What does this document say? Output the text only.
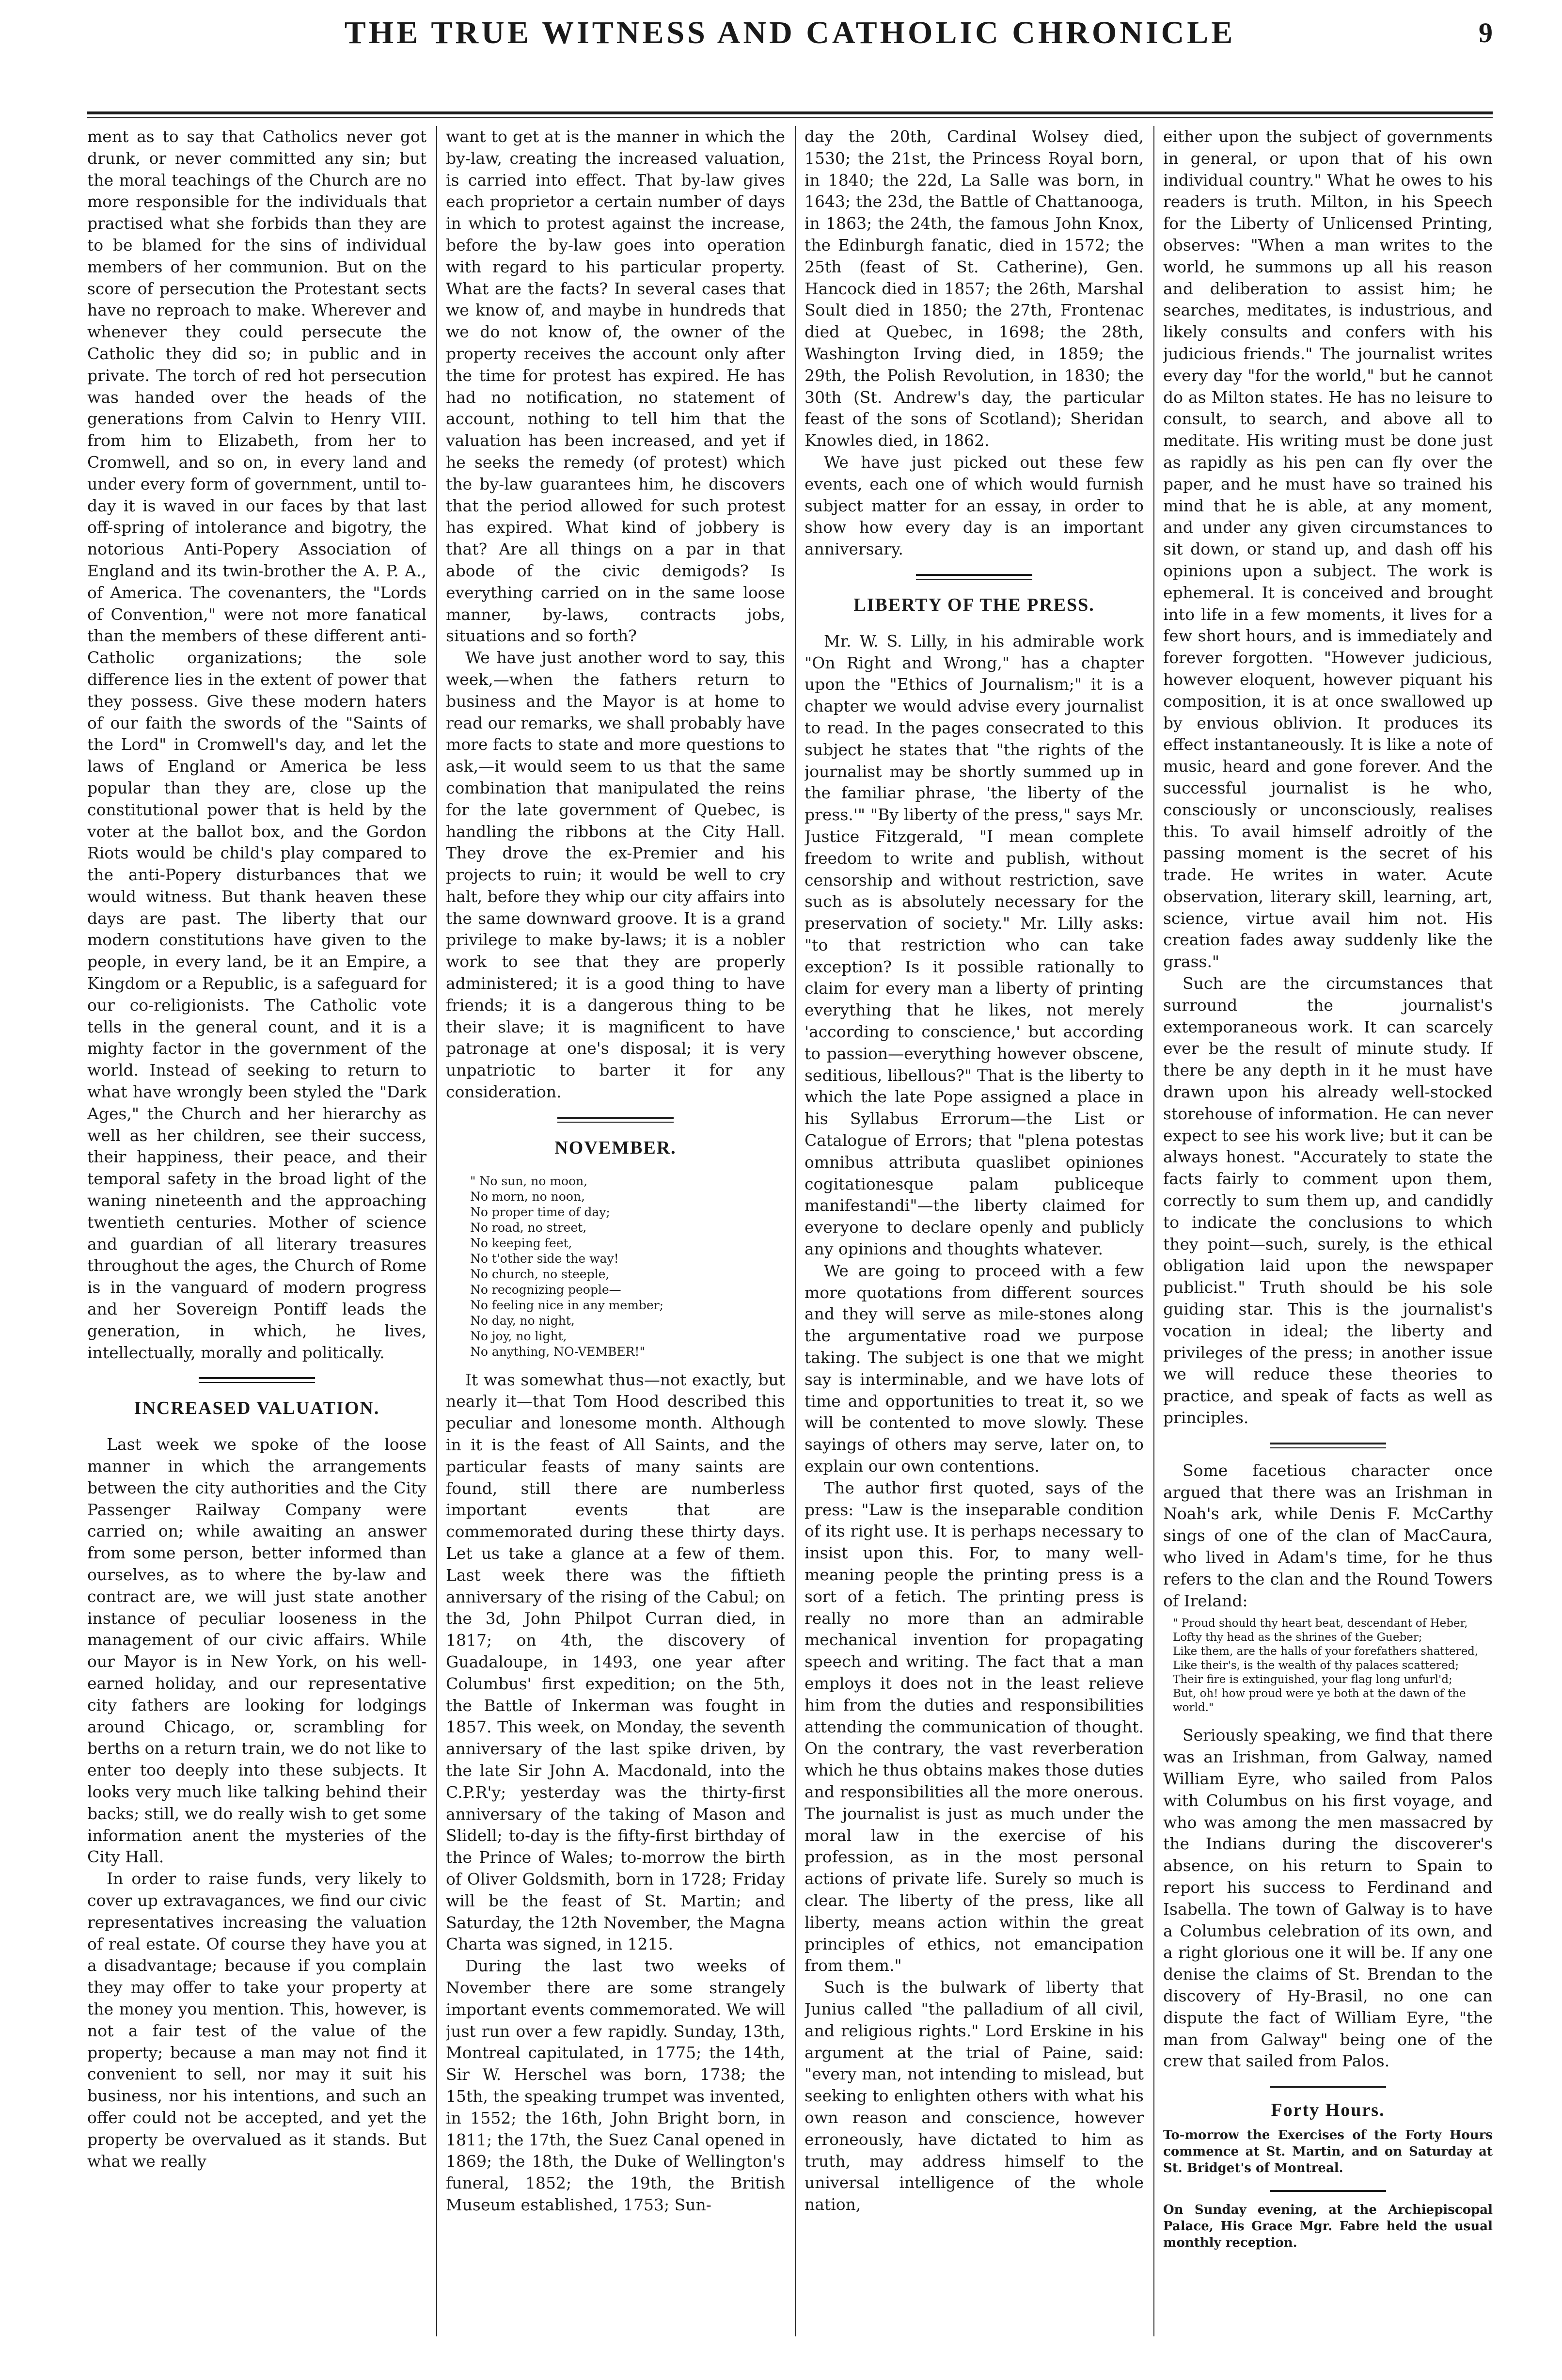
THE TRUE WITNESS AND CATHOLIC CHRONICLE	9

ment as to say that Catholics never got drunk, or never committed any sin; but the moral teachings of the Church are no more responsible for the individuals that practised what she forbids than they are to be blamed for the sins of individual members of her communion. But on the score of persecution the Protestant sects have no reproach to make. Wherever and whenever they could persecute the Catholic they did so; in public and in private. The torch of red hot persecution was handed over the heads of the generations from Calvin to Henry VIII. from him to Elizabeth, from her to Cromwell, and so on, in every land and under every form of government, until to-day it is waved in our faces by that last off-spring of intolerance and bigotry, the notorious Anti-Popery Association of England and its twin-brother the A. P. A., of America. The covenanters, the "Lords of Convention," were not more fanatical than the members of these different anti-Catholic organizations; the sole difference lies in the extent of power that they possess. Give these modern haters of our faith the swords of the "Saints of the Lord" in Cromwell's day, and let the laws of England or America be less popular than they are, close up the constitutional power that is held by the voter at the ballot box, and the Gordon Riots would be child's play compared to the anti-Popery disturbances that we would witness. But thank heaven these days are past. The liberty that our modern constitutions have given to the people, in every land, be it an Empire, a Kingdom or a Republic, is a safeguard for our co-religionists. The Catholic vote tells in the general count, and it is a mighty factor in the government of the world. Instead of seeking to return to what have wrongly been styled the "Dark Ages," the Church and her hierarchy as well as her children, see their success, their happiness, their peace, and their temporal safety in the broad light of the waning nineteenth and the approaching twentieth centuries. Mother of science and guardian of all literary treasures throughout the ages, the Church of Rome is in the vanguard of modern progress and her Sovereign Pontiff leads the generation, in which, he lives, intellectually, morally and politically.

INCREASED VALUATION.

Last week we spoke of the loose manner in which the arrangements between the city authorities and the City Passenger Railway Company were carried on; while awaiting an answer from some person, better informed than ourselves, as to where the by-law and contract are, we will just state another instance of peculiar looseness in the management of our civic affairs. While our Mayor is in New York, on his well-earned holiday, and our representative city fathers are looking for lodgings around Chicago, or, scrambling for berths on a return train, we do not like to enter too deeply into these subjects. It looks very much like talking behind their backs; still, we do really wish to get some information anent the mysteries of the City Hall.

In order to raise funds, very likely to cover up extravagances, we find our civic representatives increasing the valuation of real estate. Of course they have you at a disadvantage; because if you complain they may offer to take your property at the money you mention. This, however, is not a fair test of the value of the property; because a man may not find it convenient to sell, nor may it suit his business, nor his intentions, and such an offer could not be accepted, and yet the property be overvalued as it stands. But what we really

want to get at is the manner in which the by-law, creating the increased valuation, is carried into effect. That by-law gives each proprietor a certain number of days in which to protest against the increase, before the by-law goes into operation with regard to his particular property. What are the facts? In several cases that we know of, and maybe in hundreds that we do not know of, the owner of the property receives the account only after the time for protest has expired. He has had no notification, no statement of account, nothing to tell him that the valuation has been increased, and yet if he seeks the remedy (of protest) which the by-law guarantees him, he discovers that the period allowed for such protest has expired. What kind of jobbery is that? Are all things on a par in that abode of the civic demigods? Is everything carried on in the same loose manner, by-laws, contracts jobs, situations and so forth?

We have just another word to say, this week,—when the fathers return to business and the Mayor is at home to read our remarks, we shall probably have more facts to state and more questions to ask,—it would seem to us that the same combination that manipulated the reins for the late government of Quebec, is handling the ribbons at the City Hall. They drove the ex-Premier and his projects to ruin; it would be well to cry halt, before they whip our city affairs into the same downward groove. It is a grand privilege to make by-laws; it is a nobler work to see that they are properly administered; it is a good thing to have friends; it is a dangerous thing to be their slave; it is magnificent to have patronage at one's disposal; it is very unpatriotic to barter it for any consideration.

NOVEMBER.
" No sun, no moon,
No morn, no noon,
No proper time of day;
No road, no street,
No keeping feet,
No t'other side the way!
No church, no steeple,
No recognizing people—
No feeling nice in any member;
No day, no night,
No joy, no light,
No anything, NO-VEMBER!"

It was somewhat thus—not exactly, but nearly it—that Tom Hood described this peculiar and lonesome month. Although in it is the feast of All Saints, and the particular feasts of many saints are found, still there are numberless important events that are commemorated during these thirty days. Let us take a glance at a few of them. Last week there was the fiftieth anniversary of the rising of the Cabul; on the 3d, John Philpot Curran died, in 1817; on 4th, the discovery of Guadaloupe, in 1493, one year after Columbus' first expedition; on the 5th, the Battle of Inkerman was fought in 1857. This week, on Monday, the seventh anniversary of the last spike driven, by the late Sir John A. Macdonald, into the C.P.R'y; yesterday was the thirty-first anniversary of the taking of Mason and Slidell; to-day is the fifty-first birthday of the Prince of Wales; to-morrow the birth of Oliver Goldsmith, born in 1728; Friday will be the feast of St. Martin; and Saturday, the 12th November, the Magna Charta was signed, in 1215.

During the last two weeks of November there are some strangely important events commemorated. We will just run over a few rapidly. Sunday, 13th, Montreal capitulated, in 1775; the 14th, Sir W. Herschel was born, 1738; the 15th, the speaking trumpet was invented, in 1552; the 16th, John Bright born, in 1811; the 17th, the Suez Canal opened in 1869; the 18th, the Duke of Wellington's funeral, 1852; the 19th, the British Museum established, 1753; Sun-

day the 20th, Cardinal Wolsey died, 1530; the 21st, the Princess Royal born, in 1840; the 22d, La Salle was born, in 1643; the 23d, the Battle of Chattanooga, in 1863; the 24th, the famous John Knox, the Edinburgh fanatic, died in 1572; the 25th (feast of St. Catherine), Gen. Hancock died in 1857; the 26th, Marshal Soult died in 1850; the 27th, Frontenac died at Quebec, in 1698; the 28th, Washington Irving died, in 1859; the 29th, the Polish Revolution, in 1830; the 30th (St. Andrew's day, the particular feast of the sons of Scotland); Sheridan Knowles died, in 1862.

We have just picked out these few events, each one of which would furnish subject matter for an essay, in order to show how every day is an important anniversary.

LIBERTY OF THE PRESS.

Mr. W. S. Lilly, in his admirable work "On Right and Wrong," has a chapter upon the "Ethics of Journalism;" it is a chapter we would advise every journalist to read. In the pages consecrated to this subject he states that "the rights of the journalist may be shortly summed up in the familiar phrase, 'the liberty of the press.'" "By liberty of the press," says Mr. Justice Fitzgerald, "I mean complete freedom to write and publish, without censorship and without restriction, save such as is absolutely necessary for the preservation of society." Mr. Lilly asks: "to that restriction who can take exception? Is it possible rationally to claim for every man a liberty of printing everything that he likes, not merely 'according to conscience,' but according to passion—everything however obscene, seditious, libellous?" That is the liberty to which the late Pope assigned a place in his Syllabus Errorum—the List or Catalogue of Errors; that "plena potestas omnibus attributa quaslibet opiniones cogitationesque palam publiceque manifestandi"—the liberty claimed for everyone to declare openly and publicly any opinions and thoughts whatever.

We are going to proceed with a few more quotations from different sources and they will serve as mile-stones along the argumentative road we purpose taking. The subject is one that we might say is interminable, and we have lots of time and opportunities to treat it, so we will be contented to move slowly. These sayings of others may serve, later on, to explain our own contentions.

The author first quoted, says of the press: "Law is the inseparable condition of its right use. It is perhaps necessary to insist upon this. For, to many well-meaning people the printing press is a sort of a fetich. The printing press is really no more than an admirable mechanical invention for propagating speech and writing. The fact that a man employs it does not in the least relieve him from the duties and responsibilities attending the communication of thought. On the contrary, the vast reverberation which he thus obtains makes those duties and responsibilities all the more onerous. The journalist is just as much under the moral law in the exercise of his profession, as in the most personal actions of private life. Surely so much is clear. The liberty of the press, like all liberty, means action within the great principles of ethics, not emancipation from them."

Such is the bulwark of liberty that Junius called "the palladium of all civil, and religious rights." Lord Erskine in his argument at the trial of Paine, said: "every man, not intending to mislead, but seeking to enlighten others with what his own reason and conscience, however erroneously, have dictated to him as truth, may address himself to the universal intelligence of the whole nation,

either upon the subject of governments in general, or upon that of his own individual country." What he owes to his readers is truth. Milton, in his Speech for the Liberty of Unlicensed Printing, observes: "When a man writes to the world, he summons up all his reason and deliberation to assist him; he searches, meditates, is industrious, and likely consults and confers with his judicious friends." The journalist writes every day "for the world," but he cannot do as Milton states. He has no leisure to consult, to search, and above all to meditate. His writing must be done just as rapidly as his pen can fly over the paper, and he must have so trained his mind that he is able, at any moment, and under any given circumstances to sit down, or stand up, and dash off his opinions upon a subject. The work is ephemeral. It is conceived and brought into life in a few moments, it lives for a few short hours, and is immediately and forever forgotten. "However judicious, however eloquent, however piquant his composition, it is at once swallowed up by envious oblivion. It produces its effect instantaneously. It is like a note of music, heard and gone forever. And the successful journalist is he who, consciously or unconsciously, realises this. To avail himself adroitly of the passing moment is the secret of his trade. He writes in water. Acute observation, literary skill, learning, art, science, virtue avail him not. His creation fades away suddenly like the grass."

Such are the circumstances that surround the journalist's extemporaneous work. It can scarcely ever be the result of minute study. If there be any depth in it he must have drawn upon his already well-stocked storehouse of information. He can never expect to see his work live; but it can be always honest. "Accurately to state the facts fairly to comment upon them, correctly to sum them up, and candidly to indicate the conclusions to which they point—such, surely, is the ethical obligation laid upon the newspaper publicist." Truth should be his sole guiding star. This is the journalist's vocation in ideal; the liberty and privileges of the press; in another issue we will reduce these theories to practice, and speak of facts as well as principles.

Some facetious character once argued that there was an Irishman in Noah's ark, while Denis F. McCarthy sings of one of the clan of MacCaura, who lived in Adam's time, for he thus refers to the clan and the Round Towers of Ireland:

" Proud should thy heart beat, descendant of Heber,
Lofty thy head as the shrines of the Gueber;
Like them, are the halls of your forefathers shattered,
Like their's, is the wealth of thy palaces scattered;
Their fire is extinguished, your flag long unfurl'd;
But, oh! how proud were ye both at the dawn of the world."

Seriously speaking, we find that there was an Irishman, from Galway, named William Eyre, who sailed from Palos with Columbus on his first voyage, and who was among the men massacred by the Indians during the discoverer's absence, on his return to Spain to report his success to Ferdinand and Isabella. The town of Galway is to have a Columbus celebration of its own, and a right glorious one it will be. If any one denise the claims of St. Brendan to the discovery of Hy-Brasil, no one can dispute the fact of William Eyre, "the man from Galway" being one of the crew that sailed from Palos.

Forty Hours.

To-morrow the Exercises of the Forty Hours commence at St. Martin, and on Saturday at St. Bridget's of Montreal.

On Sunday evening, at the Archiepiscopal Palace, His Grace Mgr. Fabre held the usual monthly reception.
